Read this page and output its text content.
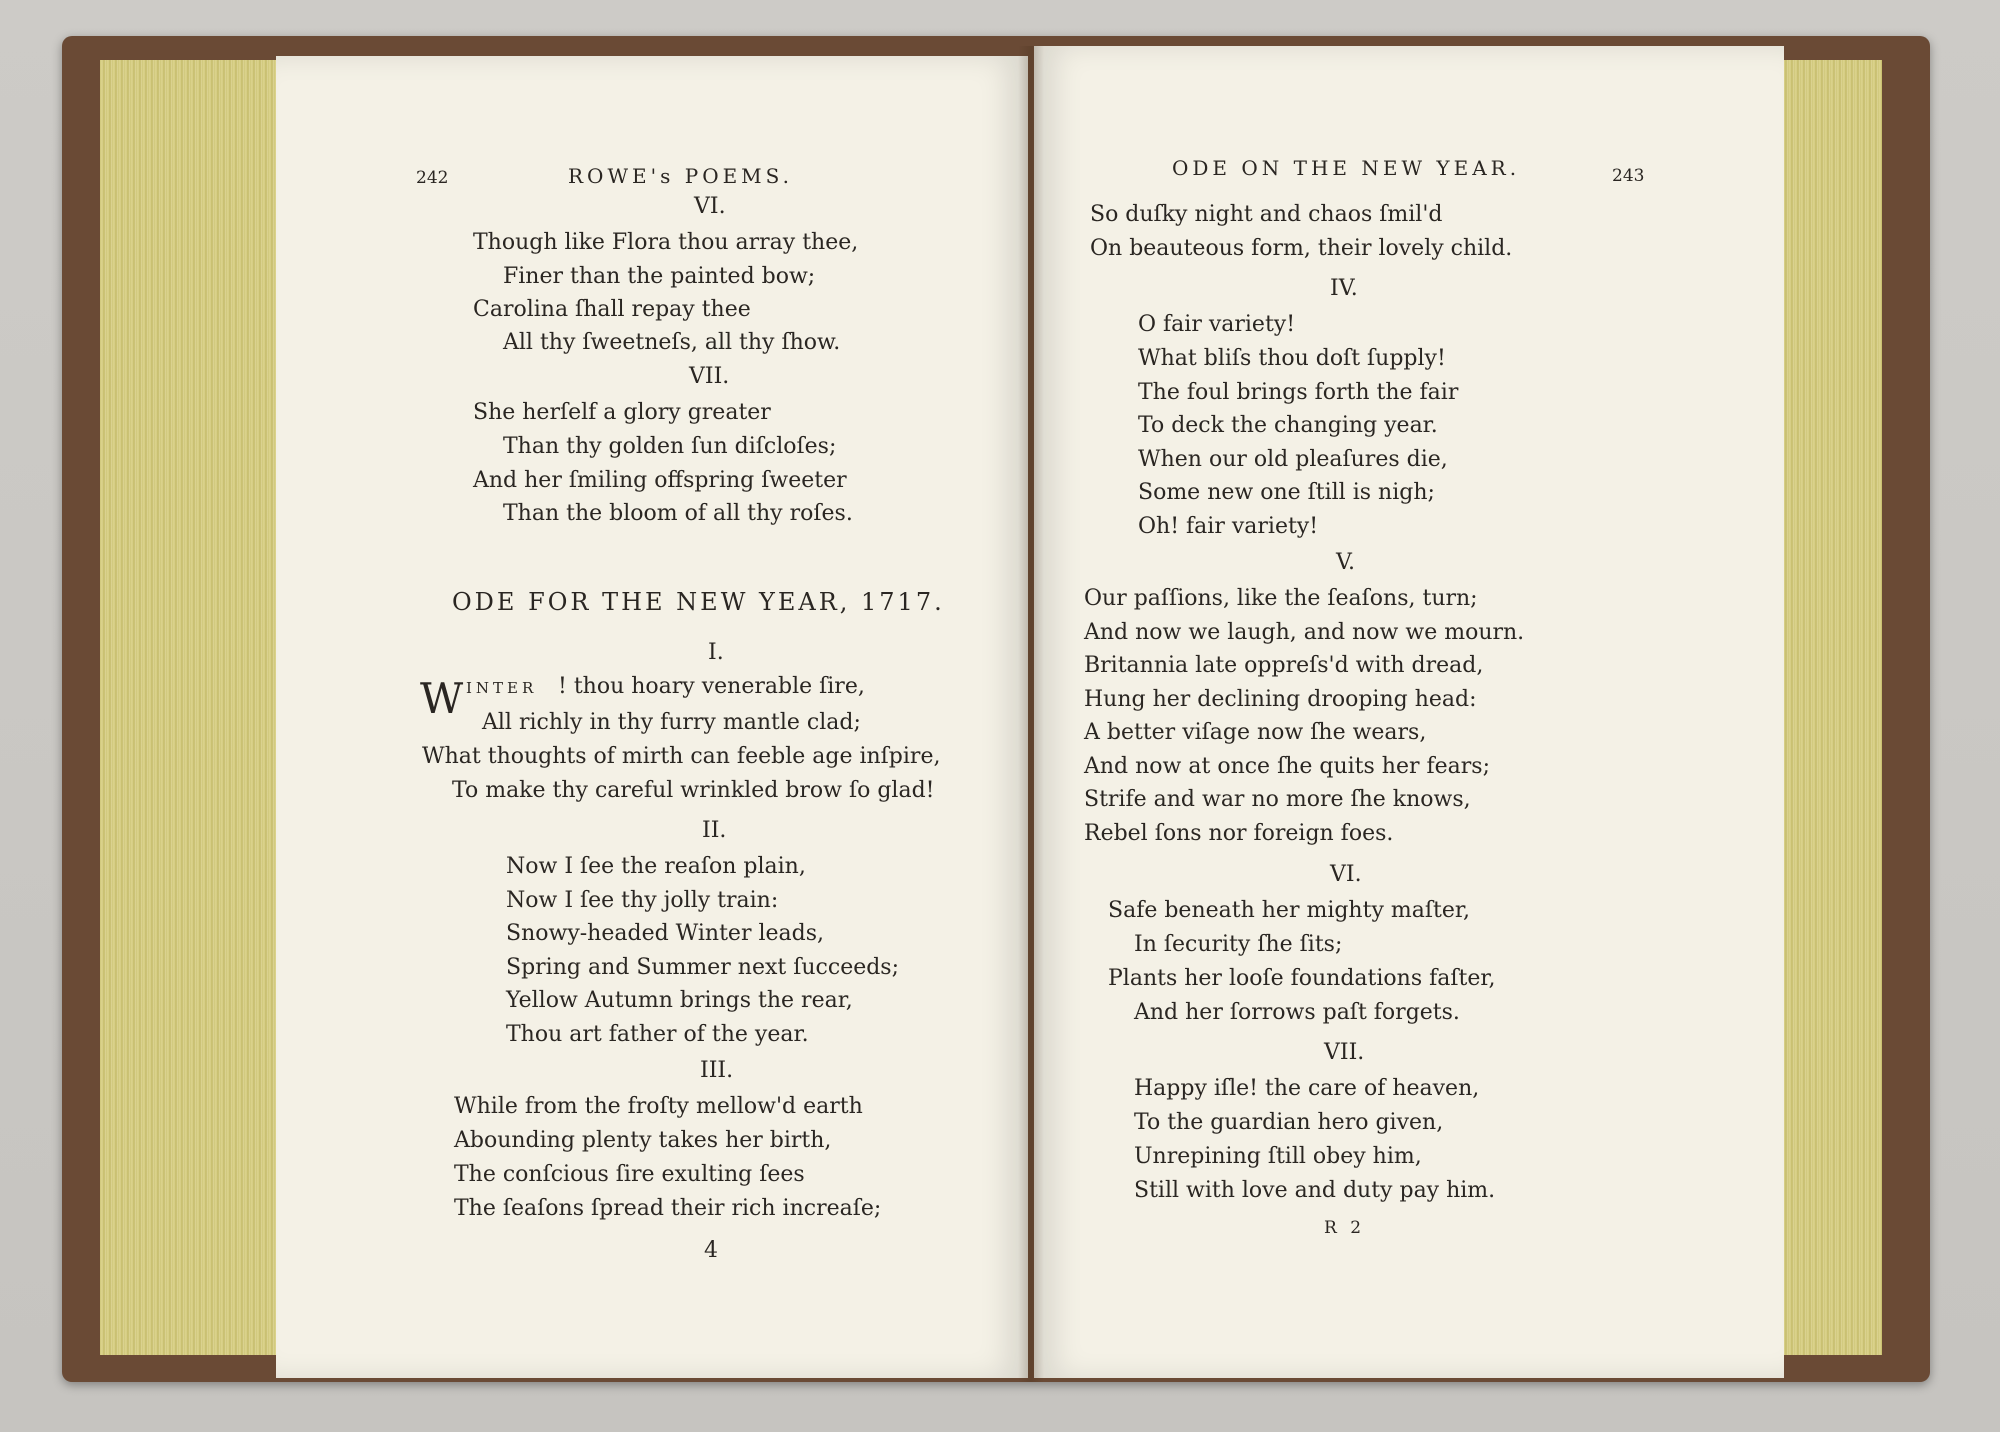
242	ROWE's POEMS.
VI.
Though like Flora thou array thee,
Finer than the painted bow;
Carolina ſhall repay thee
All thy ſweetneſs, all thy ſhow.
VII.
She herſelf a glory greater
Than thy golden ſun diſcloſes;
And her ſmiling offspring ſweeter
Than the bloom of all thy roſes.
ODE FOR THE NEW YEAR, 1717.
I.
W INTER ! thou hoary venerable ſire,
All richly in thy furry mantle clad;
What thoughts of mirth can feeble age inſpire,
To make thy careful wrinkled brow ſo glad!
II.
Now I ſee the reaſon plain,
Now I ſee thy jolly train:
Snowy-headed Winter leads,
Spring and Summer next ſucceeds;
Yellow Autumn brings the rear,
Thou art father of the year.
III.
While from the froſty mellow'd earth
Abounding plenty takes her birth,
The conſcious ſire exulting ſees
The ſeaſons ſpread their rich increaſe;
4
ODE ON THE NEW YEAR.	243
So duſky night and chaos ſmil'd
On beauteous form, their lovely child.
IV.
O fair variety!
What bliſs thou doſt ſupply!
The foul brings forth the fair
To deck the changing year.
When our old pleaſures die,
Some new one ſtill is nigh;
Oh! fair variety!
V.
Our paſſions, like the ſeaſons, turn;
And now we laugh, and now we mourn.
Britannia late oppreſs'd with dread,
Hung her declining drooping head:
A better viſage now ſhe wears,
And now at once ſhe quits her fears;
Strife and war no more ſhe knows,
Rebel ſons nor foreign foes.
VI.
Safe beneath her mighty maſter,
In ſecurity ſhe ſits;
Plants her looſe foundations faſter,
And her ſorrows paſt forgets.
VII.
Happy iſle! the care of heaven,
To the guardian hero given,
Unrepining ſtill obey him,
Still with love and duty pay him.
R 2
